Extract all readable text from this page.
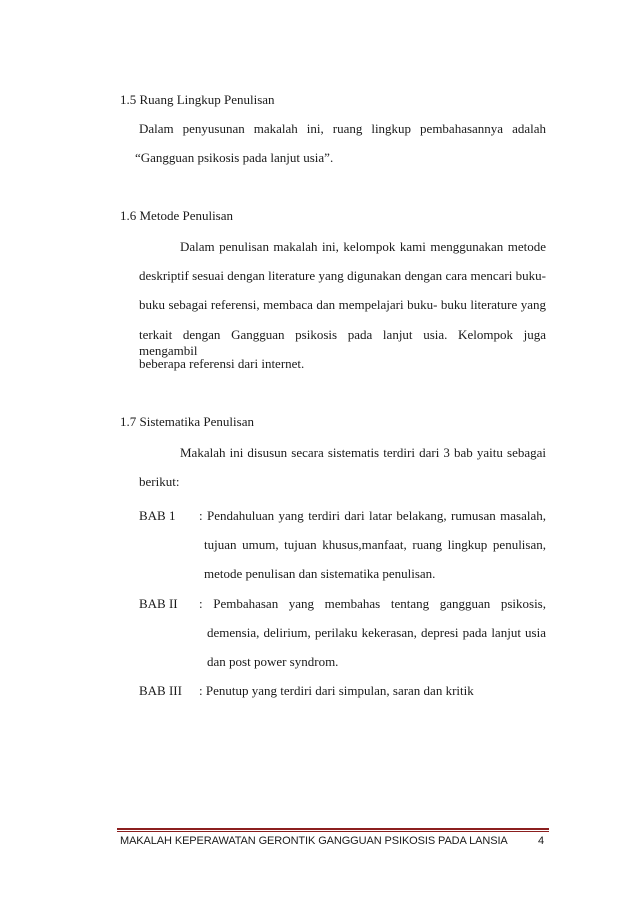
1.5 Ruang Lingkup Penulisan
Dalam penyusunan makalah ini, ruang lingkup pembahasannya adalah
“Gangguan psikosis pada lanjut usia”.
1.6 Metode Penulisan
Dalam penulisan makalah ini, kelompok kami menggunakan metode
deskriptif sesuai dengan literature yang digunakan dengan cara mencari buku-
buku sebagai referensi, membaca dan mempelajari buku- buku literature yang
terkait dengan Gangguan psikosis pada lanjut usia. Kelompok juga mengambil
beberapa referensi dari internet.
1.7 Sistematika Penulisan
Makalah ini disusun secara sistematis terdiri dari 3 bab yaitu sebagai
berikut:
BAB 1 : Pendahuluan yang terdiri dari latar belakang, rumusan masalah,
tujuan umum, tujuan khusus,manfaat, ruang lingkup penulisan,
metode penulisan dan sistematika penulisan.
BAB II : Pembahasan yang membahas tentang gangguan psikosis,
demensia, delirium, perilaku kekerasan, depresi pada lanjut usia
dan post power syndrom.
BAB III : Penutup yang terdiri dari simpulan, saran dan kritik
MAKALAH KEPERAWATAN GERONTIK GANGGUAN PSIKOSIS PADA LANSIA	4
